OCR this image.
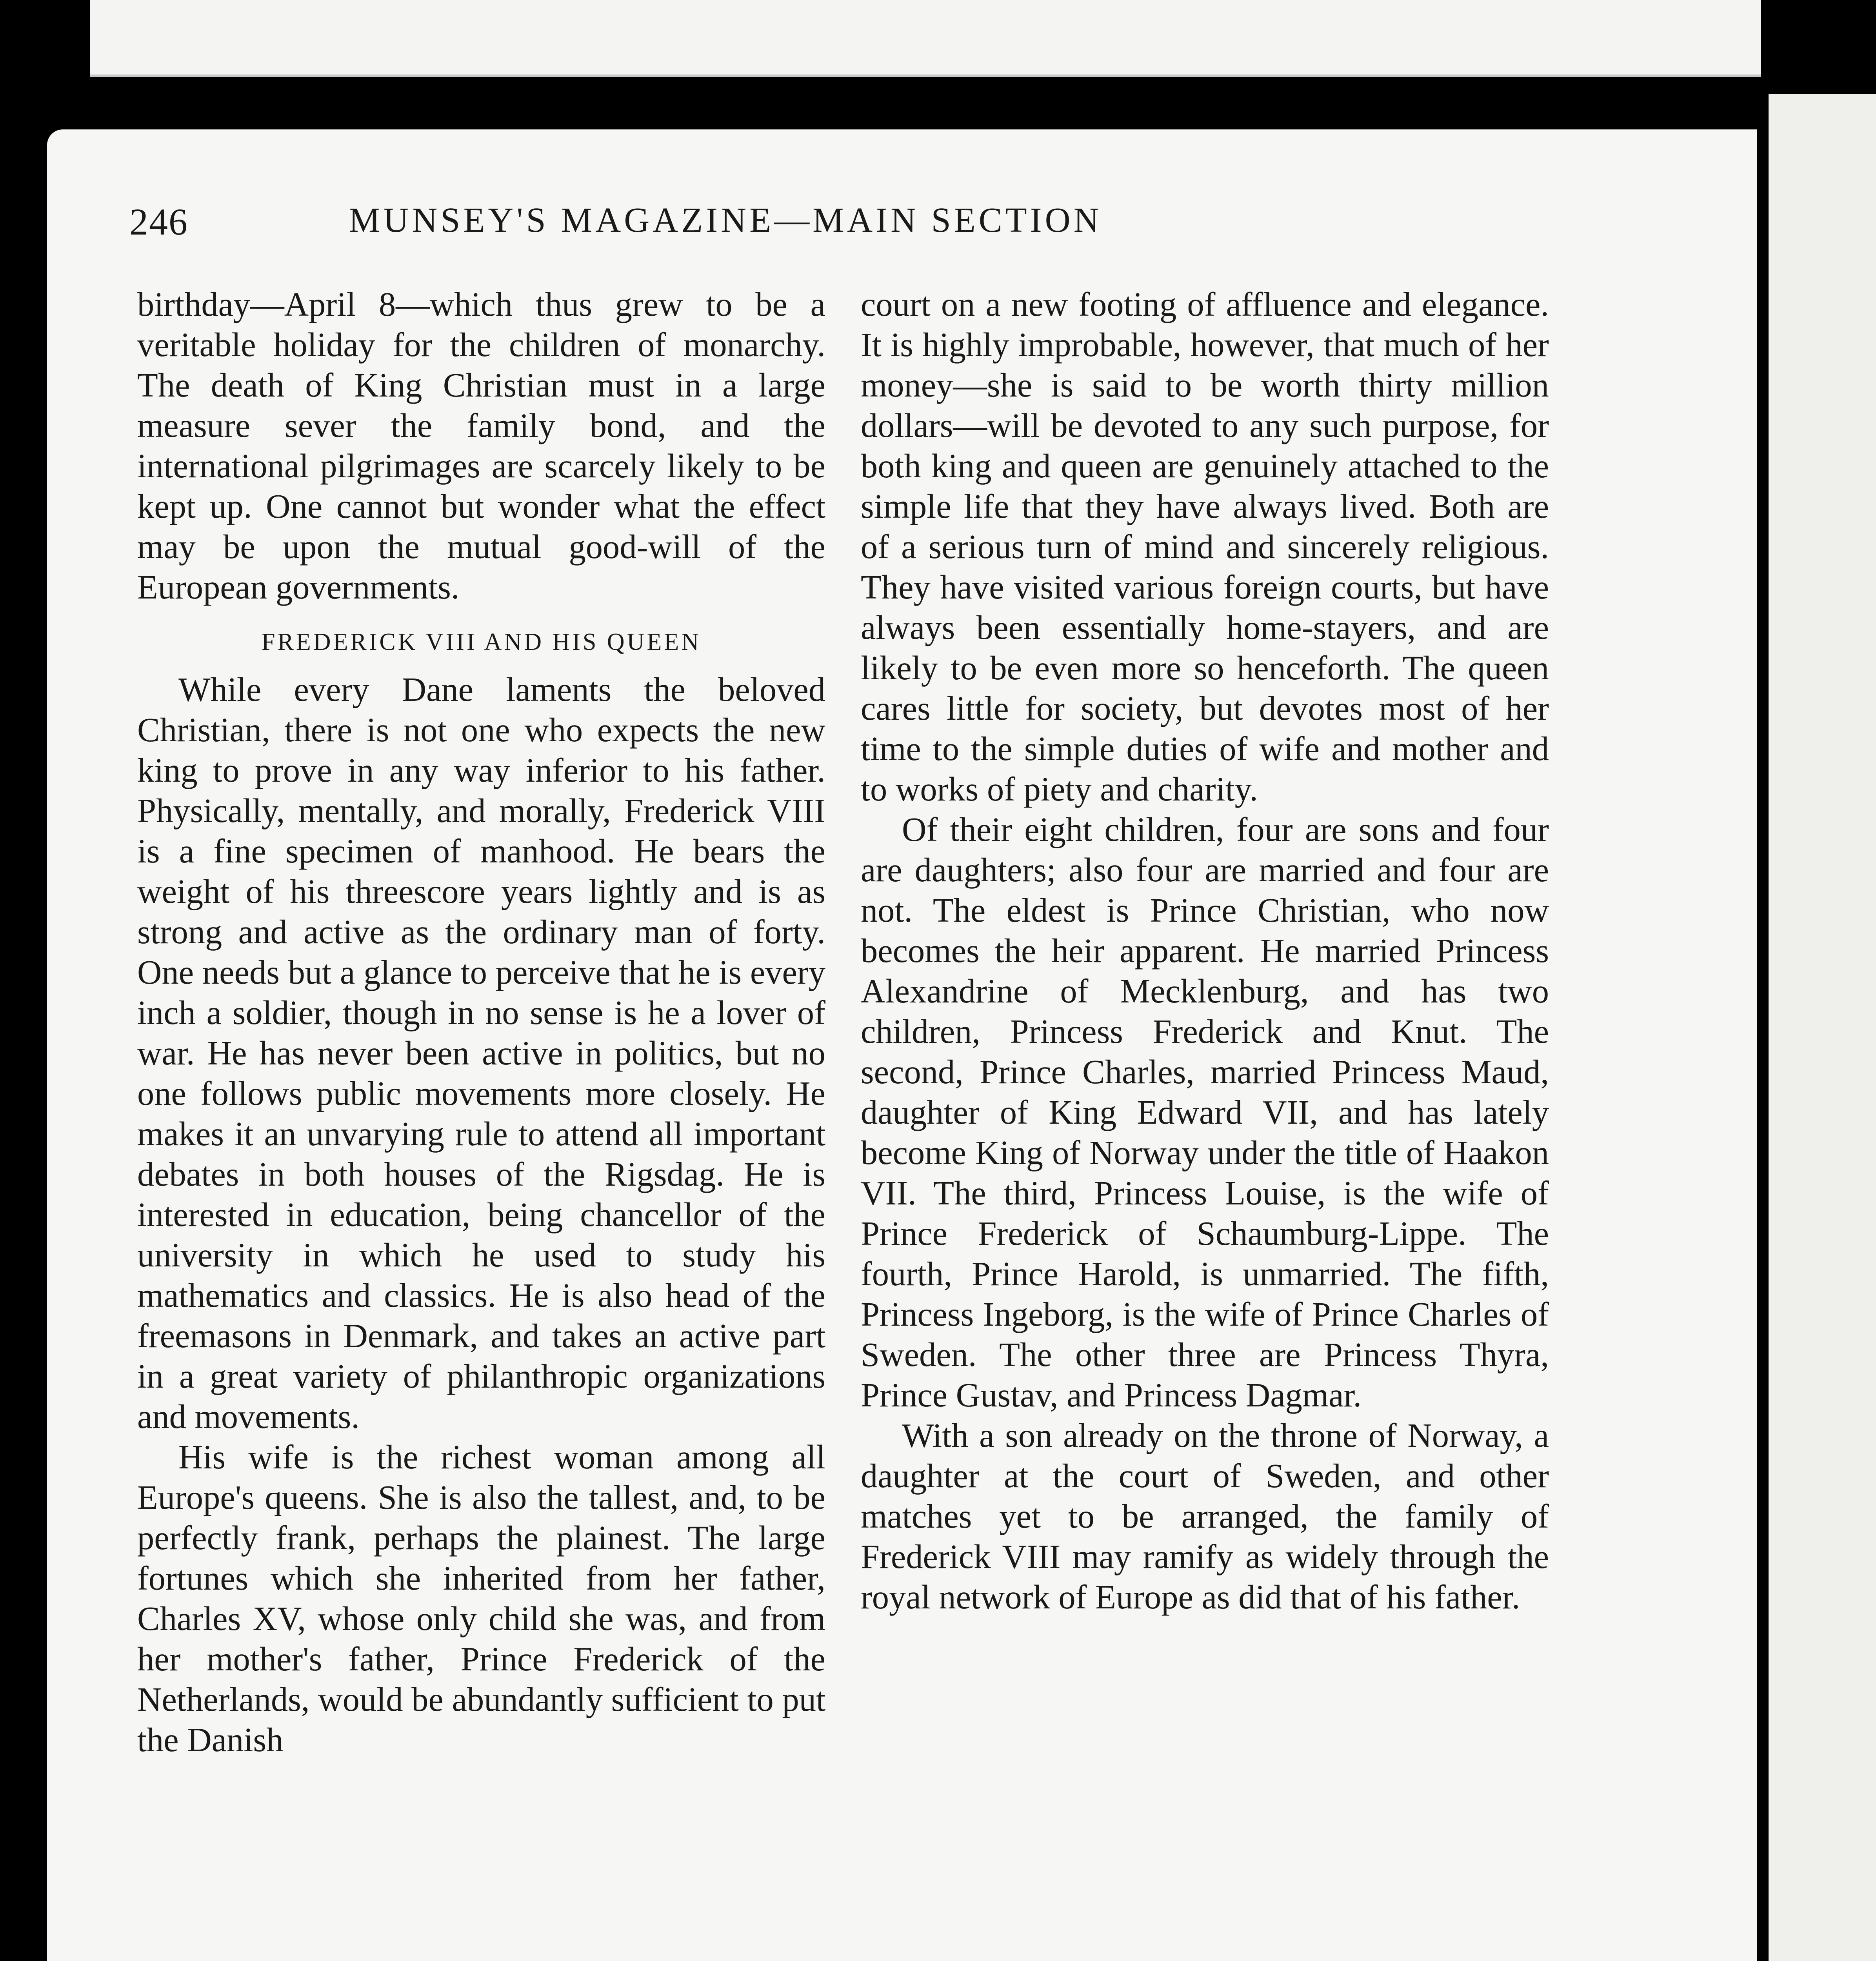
246	MUNSEY'S MAGAZINE—MAIN SECTION

birthday—April 8—which thus grew to be a veritable holiday for the children of monarchy. The death of King Christian must in a large measure sever the family bond, and the international pilgrimages are scarcely likely to be kept up. One cannot but wonder what the effect may be upon the mutual good-will of the European governments.

FREDERICK VIII AND HIS QUEEN

While every Dane laments the beloved Christian, there is not one who expects the new king to prove in any way inferior to his father. Physically, mentally, and morally, Frederick VIII is a fine specimen of manhood. He bears the weight of his threescore years lightly and is as strong and active as the ordinary man of forty. One needs but a glance to perceive that he is every inch a soldier, though in no sense is he a lover of war. He has never been active in politics, but no one follows public movements more closely. He makes it an unvarying rule to attend all important debates in both houses of the Rigsdag. He is interested in education, being chancellor of the university in which he used to study his mathematics and classics. He is also head of the freemasons in Denmark, and takes an active part in a great variety of philanthropic organizations and movements.

His wife is the richest woman among all Europe's queens. She is also the tallest, and, to be perfectly frank, perhaps the plainest. The large fortunes which she inherited from her father, Charles XV, whose only child she was, and from her mother's father, Prince Frederick of the Netherlands, would be abundantly sufficient to put the Danish

court on a new footing of affluence and elegance. It is highly improbable, however, that much of her money—she is said to be worth thirty million dollars—will be devoted to any such purpose, for both king and queen are genuinely attached to the simple life that they have always lived. Both are of a serious turn of mind and sincerely religious. They have visited various foreign courts, but have always been essentially home-stayers, and are likely to be even more so henceforth. The queen cares little for society, but devotes most of her time to the simple duties of wife and mother and to works of piety and charity.

Of their eight children, four are sons and four are daughters; also four are married and four are not. The eldest is Prince Christian, who now becomes the heir apparent. He married Princess Alexandrine of Mecklenburg, and has two children, Princess Frederick and Knut. The second, Prince Charles, married Princess Maud, daughter of King Edward VII, and has lately become King of Norway under the title of Haakon VII. The third, Princess Louise, is the wife of Prince Frederick of Schaumburg-Lippe. The fourth, Prince Harold, is unmarried. The fifth, Princess Ingeborg, is the wife of Prince Charles of Sweden. The other three are Princess Thyra, Prince Gustav, and Princess Dagmar.

With a son already on the throne of Norway, a daughter at the court of Sweden, and other matches yet to be arranged, the family of Frederick VIII may ramify as widely through the royal network of Europe as did that of his father.
